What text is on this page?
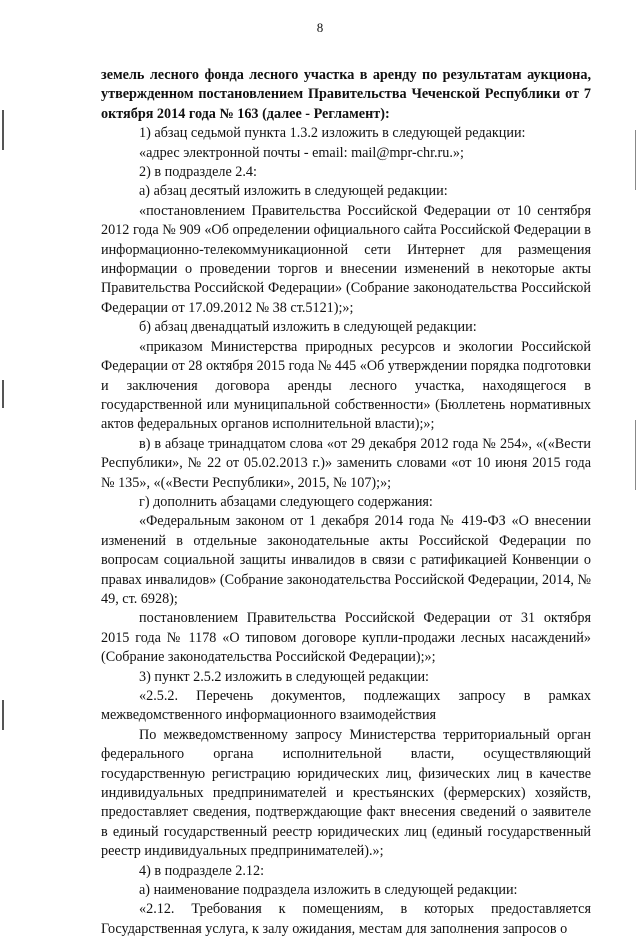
8

земель лесного фонда лесного участка в аренду по результатам аукциона, утвержденном постановлением Правительства Чеченской Республики от 7 октября 2014 года № 163 (далее - Регламент):

1) абзац седьмой пункта 1.3.2 изложить в следующей редакции:

«адрес электронной почты - email: mail@mpr-chr.ru.»;

2) в подразделе 2.4:

а) абзац десятый изложить в следующей редакции:

«постановлением Правительства Российской Федерации от 10 сентября 2012 года № 909 «Об определении официального сайта Российской Федерации в информационно-телекоммуникационной сети Интернет для размещения информации о проведении торгов и внесении изменений в некоторые акты Правительства Российской Федерации» (Собрание законодательства Российской Федерации от 17.09.2012 № 38 ст.5121);»;

б) абзац двенадцатый изложить в следующей редакции:

«приказом Министерства природных ресурсов и экологии Российской Федерации от 28 октября 2015 года № 445 «Об утверждении порядка подготовки и заключения договора аренды лесного участка, находящегося в государственной или муниципальной собственности» (Бюллетень нормативных актов федеральных органов исполнительной власти);»;

в) в абзаце тринадцатом слова «от 29 декабря 2012 года № 254», «(«Вести Республики», № 22 от 05.02.2013 г.)» заменить словами «от 10 июня 2015 года № 135», «(«Вести Республики», 2015, № 107);»;

г) дополнить абзацами следующего содержания:

«Федеральным законом от 1 декабря 2014 года № 419-ФЗ «О внесении изменений в отдельные законодательные акты Российской Федерации по вопросам социальной защиты инвалидов в связи с ратификацией Конвенции о правах инвалидов» (Собрание законодательства Российской Федерации, 2014, № 49, ст. 6928);

постановлением Правительства Российской Федерации от 31 октября 2015 года № 1178 «О типовом договоре купли-продажи лесных насаждений» (Собрание законодательства Российской Федерации);»;

3) пункт 2.5.2 изложить в следующей редакции:

«2.5.2. Перечень документов, подлежащих запросу в рамках межведомственного информационного взаимодействия

По межведомственному запросу Министерства территориальный орган федерального органа исполнительной власти, осуществляющий государственную регистрацию юридических лиц, физических лиц в качестве индивидуальных предпринимателей и крестьянских (фермерских) хозяйств, предоставляет сведения, подтверждающие факт внесения сведений о заявителе в единый государственный реестр юридических лиц (единый государственный реестр индивидуальных предпринимателей).»;

4) в подразделе 2.12:

а) наименование подраздела изложить в следующей редакции:

«2.12. Требования к помещениям, в которых предоставляется Государственная услуга, к залу ожидания, местам для заполнения запросов о
